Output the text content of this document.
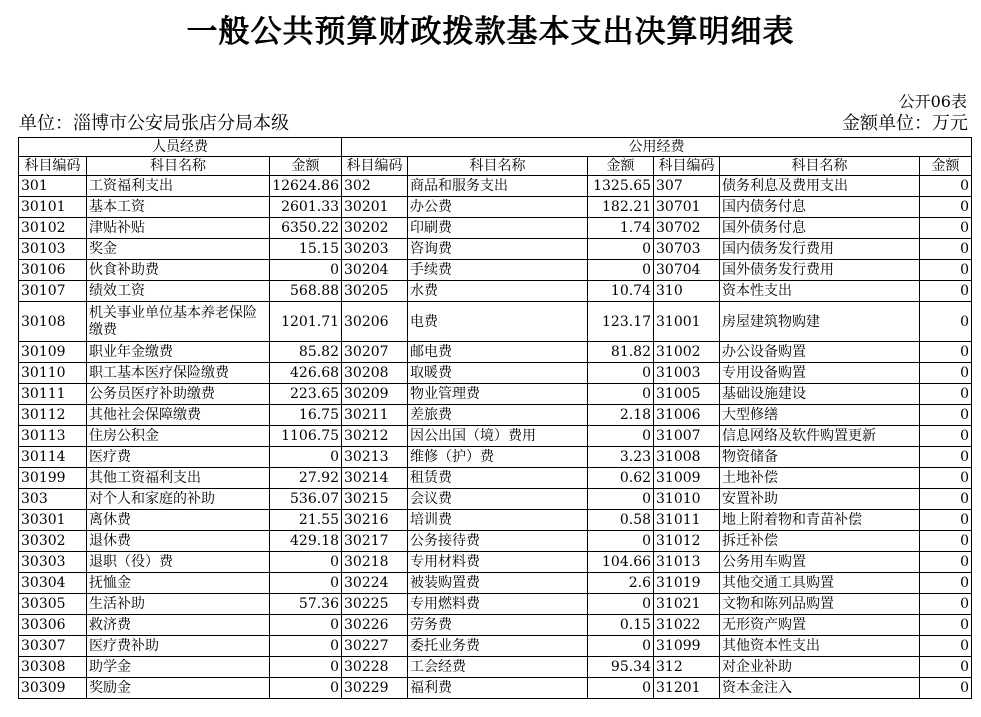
一般公共预算财政拨款基本支出决算明细表
公开06表
单位：淄博市公安局张店分局本级	金额单位：万元
人员经费			公用经费					
科目编码	科目名称	金额	科目编码	科目名称	金额	科目编码	科目名称	金额
301	工资福利支出	12624.86	302	商品和服务支出	1325.65	307	债务利息及费用支出	0
30101	基本工资	2601.33	30201	办公费	182.21	30701	国内债务付息	0
30102	津贴补贴	6350.22	30202	印刷费	1.74	30702	国外债务付息	0
30103	奖金	15.15	30203	咨询费	0	30703	国内债务发行费用	0
30106	伙食补助费	0	30204	手续费	0	30704	国外债务发行费用	0
30107	绩效工资	568.88	30205	水费	10.74	310	资本性支出	0
30108	机关事业单位基本养老保险缴费	1201.71	30206	电费	123.17	31001	房屋建筑物购建	0
30109	职业年金缴费	85.82	30207	邮电费	81.82	31002	办公设备购置	0
30110	职工基本医疗保险缴费	426.68	30208	取暖费	0	31003	专用设备购置	0
30111	公务员医疗补助缴费	223.65	30209	物业管理费	0	31005	基础设施建设	0
30112	其他社会保障缴费	16.75	30211	差旅费	2.18	31006	大型修缮	0
30113	住房公积金	1106.75	30212	因公出国（境）费用	0	31007	信息网络及软件购置更新	0
30114	医疗费	0	30213	维修（护）费	3.23	31008	物资储备	0
30199	其他工资福利支出	27.92	30214	租赁费	0.62	31009	土地补偿	0
303	对个人和家庭的补助	536.07	30215	会议费	0	31010	安置补助	0
30301	离休费	21.55	30216	培训费	0.58	31011	地上附着物和青苗补偿	0
30302	退休费	429.18	30217	公务接待费	0	31012	拆迁补偿	0
30303	退职（役）费	0	30218	专用材料费	104.66	31013	公务用车购置	0
30304	抚恤金	0	30224	被装购置费	2.6	31019	其他交通工具购置	0
30305	生活补助	57.36	30225	专用燃料费	0	31021	文物和陈列品购置	0
30306	救济费	0	30226	劳务费	0.15	31022	无形资产购置	0
30307	医疗费补助	0	30227	委托业务费	0	31099	其他资本性支出	0
30308	助学金	0	30228	工会经费	95.34	312	对企业补助	0
30309	奖励金	0	30229	福利费	0	31201	资本金注入	0
